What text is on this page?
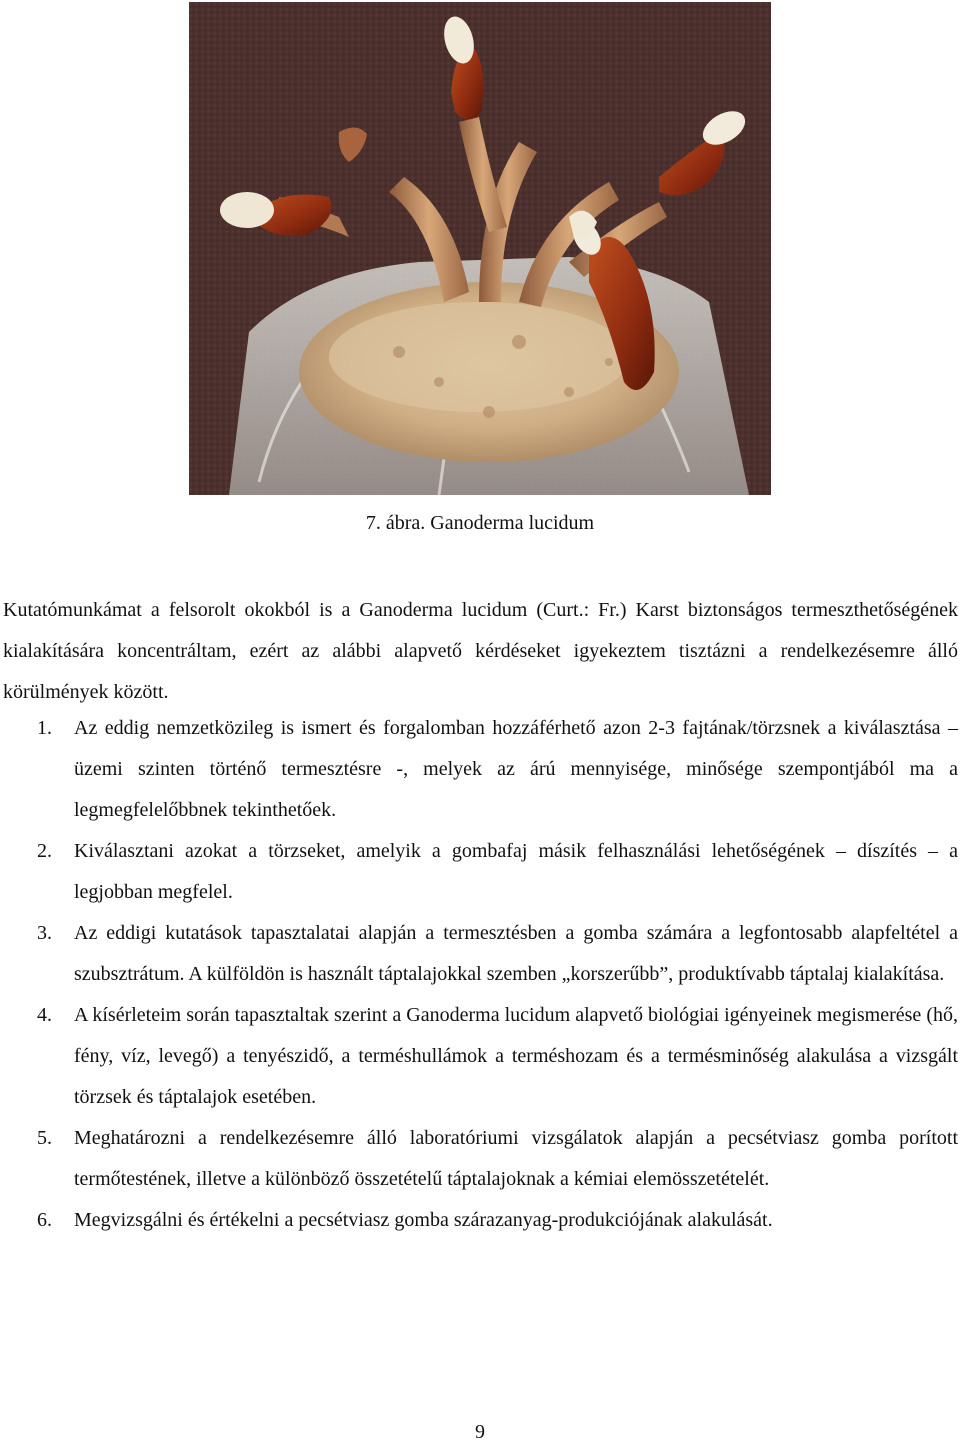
7. ábra. Ganoderma lucidum

Kutatómunkámat a felsorolt okokból is a Ganoderma lucidum (Curt.: Fr.) Karst biztonságos termeszthetőségének kialakítására koncentráltam, ezért az alábbi alapvető kérdéseket igyekeztem tisztázni a rendelkezésemre álló körülmények között.

1. Az eddig nemzetközileg is ismert és forgalomban hozzáférhető azon 2-3 fajtának/törzsnek a kiválasztása – üzemi szinten történő termesztésre -, melyek az árú mennyisége, minősége szempontjából ma a legmegfelelőbbnek tekinthetőek.
2. Kiválasztani azokat a törzseket, amelyik a gombafaj másik felhasználási lehetőségének – díszítés – a legjobban megfelel.
3. Az eddigi kutatások tapasztalatai alapján a termesztésben a gomba számára a legfontosabb alapfeltétel a szubsztrátum. A külföldön is használt táptalajokkal szemben „korszerűbb”, produktívabb táptalaj kialakítása.
4. A kísérleteim során tapasztaltak szerint a Ganoderma lucidum alapvető biológiai igényeinek megismerése (hő, fény, víz, levegő) a tenyészidő, a terméshullámok a terméshozam és a termésminőség alakulása a vizsgált törzsek és táptalajok esetében.
5. Meghatározni a rendelkezésemre álló laboratóriumi vizsgálatok alapján a pecsétviasz gomba porított termőtestének, illetve a különböző összetételű táptalajoknak a kémiai elemösszetételét.
6. Megvizsgálni és értékelni a pecsétviasz gomba szárazanyag-produkciójának alakulását.
9
